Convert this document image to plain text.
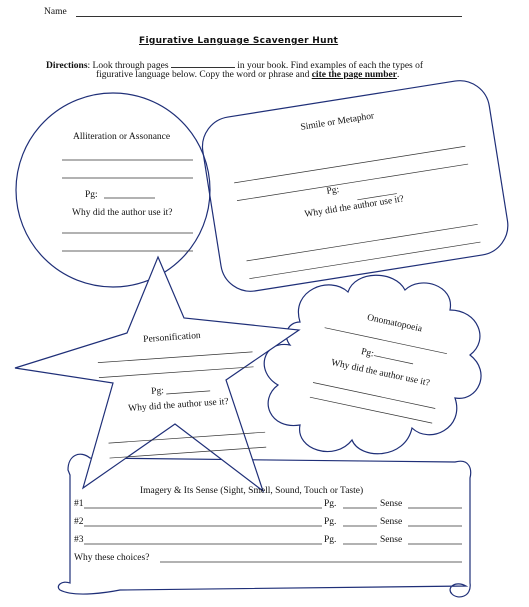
Name
Figurative Language Scavenger Hunt
Directions: Look through pages	in your book. Find examples of each the types of
figurative language below. Copy the word or phrase and cite the page number.
Alliteration or Assonance
Pg:
Why did the author use it?
Simile or Metaphor
Pg:
Why did the author use it?
Personification
Pg:
Why did the author use it?
Onomatopoeia
Pg:
Why did the author use it?
Imagery & Its Sense (Sight, Smell, Sound, Touch or Taste)
#1	Pg.	Sense
#2	Pg.	Sense
#3	Pg.	Sense
Why these choices?
